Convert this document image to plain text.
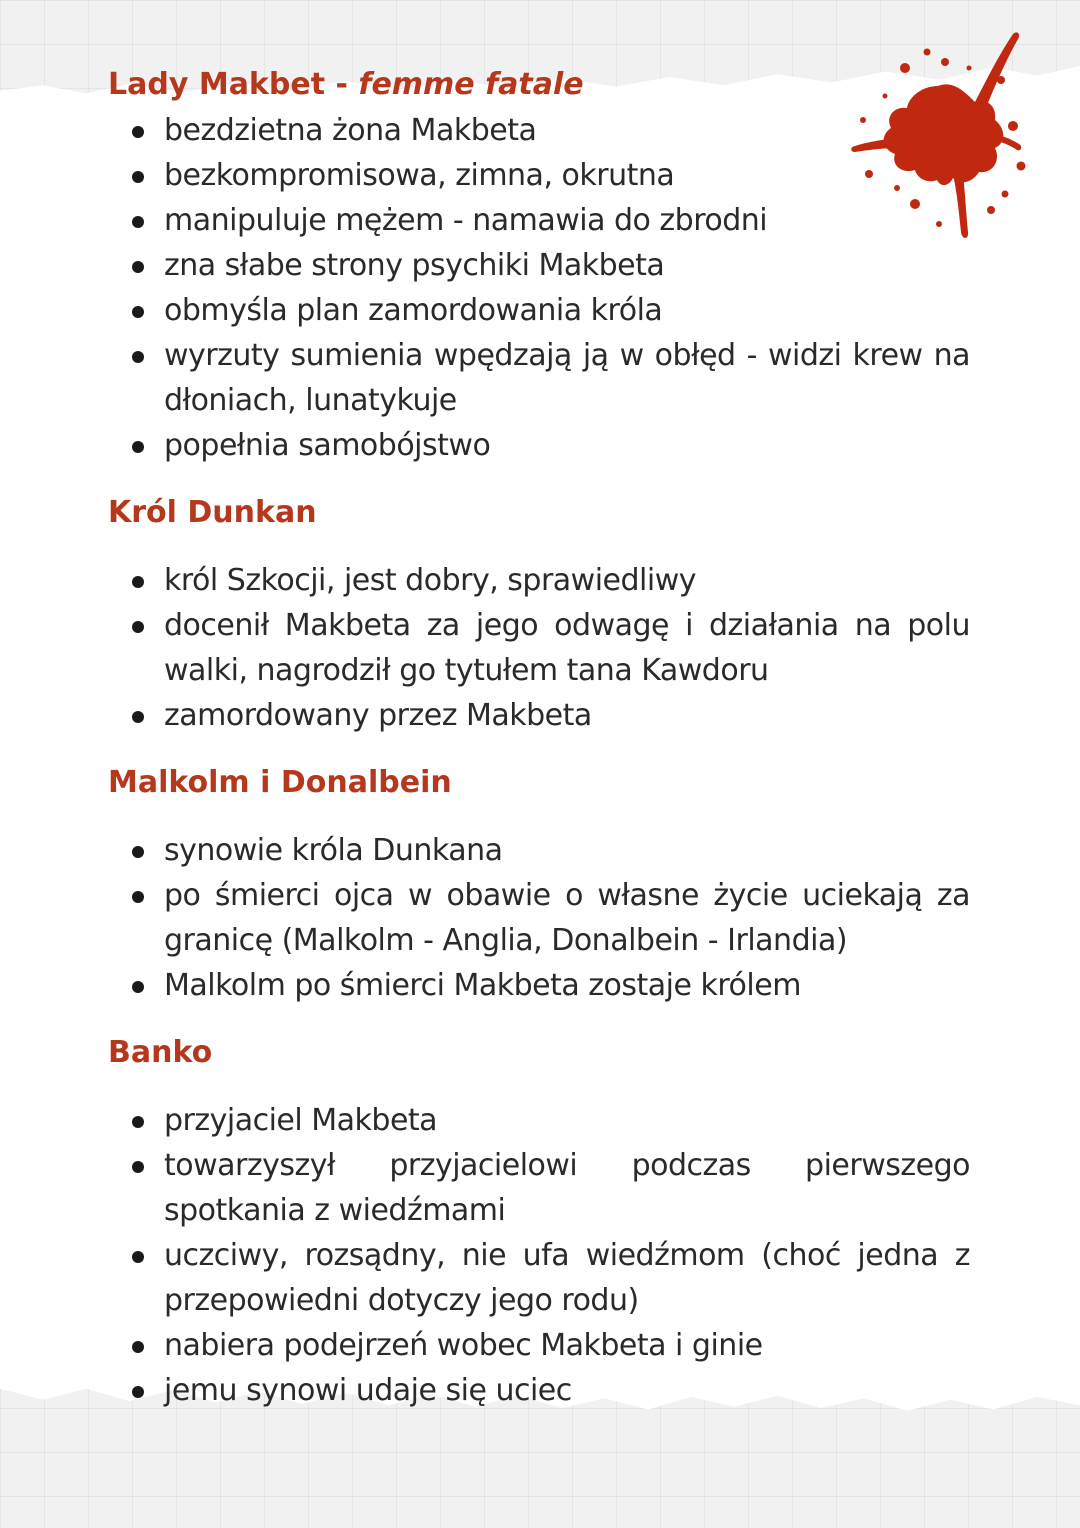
Lady Makbet - femme fatale
bezdzietna żona Makbeta
bezkompromisowa, zimna, okrutna
manipuluje mężem - namawia do zbrodni
zna słabe strony psychiki Makbeta
obmyśla plan zamordowania króla
wyrzuty sumienia wpędzają ją w obłęd - widzi krew na dłoniach, lunatykuje
popełnia samobójstwo
Król Dunkan
król Szkocji, jest dobry, sprawiedliwy
docenił Makbeta za jego odwagę i działania na polu walki, nagrodził go tytułem tana Kawdoru
zamordowany przez Makbeta
Malkolm i Donalbein
synowie króla Dunkana
po śmierci ojca w obawie o własne życie uciekają za granicę (Malkolm - Anglia, Donalbein - Irlandia)
Malkolm po śmierci Makbeta zostaje królem
Banko
przyjaciel Makbeta
towarzyszył przyjacielowi podczas pierwszego spotkania z wiedźmami
uczciwy, rozsądny, nie ufa wiedźmom (choć jedna z przepowiedni dotyczy jego rodu)
nabiera podejrzeń wobec Makbeta i ginie
jemu synowi udaje się uciec
